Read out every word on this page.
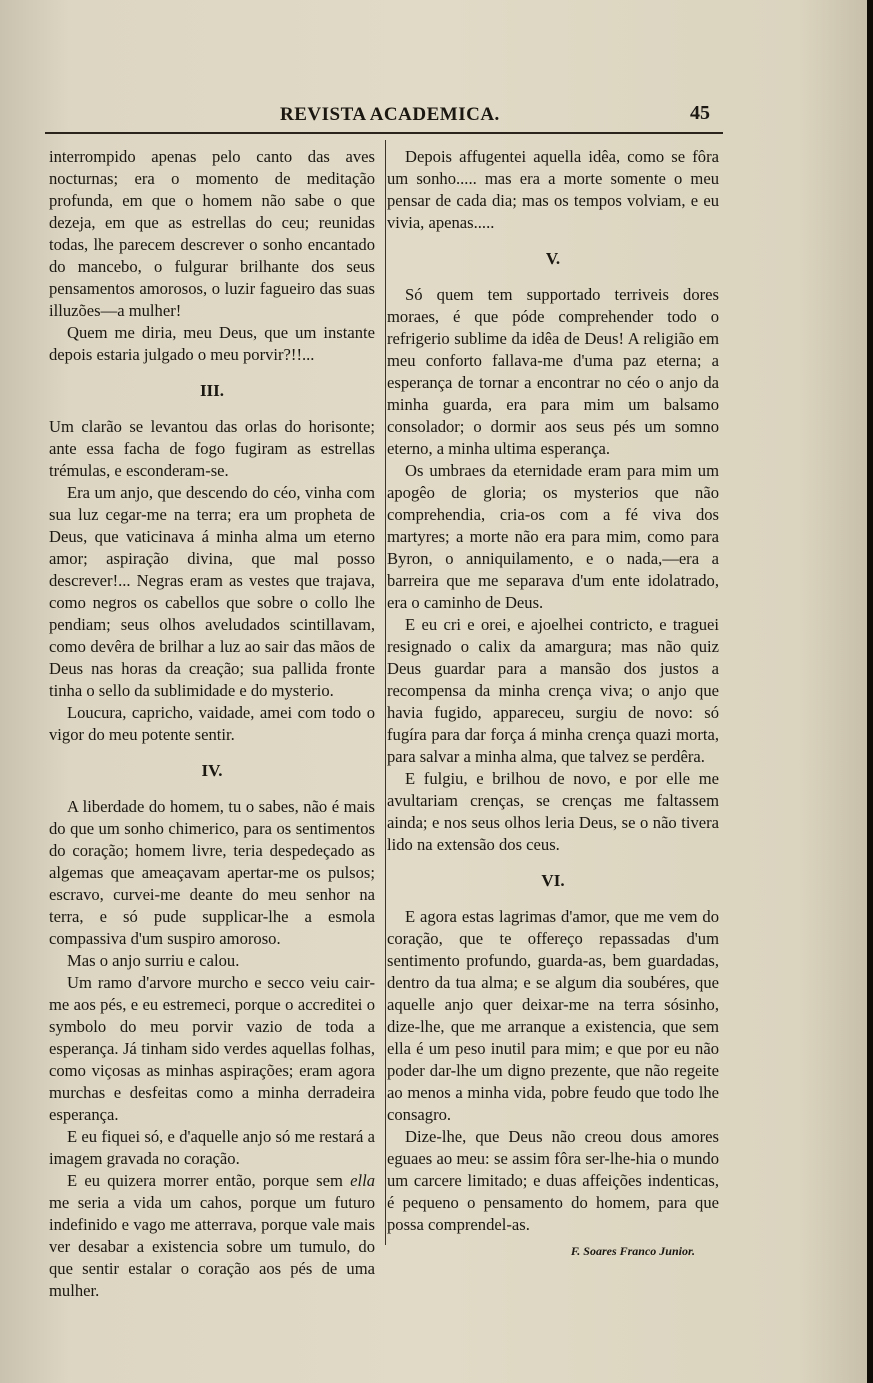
REVISTA ACADEMICA.	45

interrompido apenas pelo canto das aves nocturnas; era o momento de meditação profunda, em que o homem não sabe o que dezeja, em que as estrellas do ceu; reunidas todas, lhe parecem descrever o sonho encantado do mancebo, o fulgurar brilhante dos seus pensamentos amorosos, o luzir fagueiro das suas illuzões—a mulher!

Quem me diria, meu Deus, que um instante depois estaria julgado o meu porvir?!!...

III.

Um clarão se levantou das orlas do horisonte; ante essa facha de fogo fugiram as estrellas trémulas, e esconderam-se.

Era um anjo, que descendo do céo, vinha com sua luz cegar-me na terra; era um propheta de Deus, que vaticinava á minha alma um eterno amor; aspiração divina, que mal posso descrever!... Negras eram as vestes que trajava, como negros os cabellos que sobre o collo lhe pendiam; seus olhos aveludados scintillavam, como devêra de brilhar a luz ao sair das mãos de Deus nas horas da creação; sua pallida fronte tinha o sello da sublimidade e do mysterio.

Loucura, capricho, vaidade, amei com todo o vigor do meu potente sentir.

IV.

A liberdade do homem, tu o sabes, não é mais do que um sonho chimerico, para os sentimentos do coração; homem livre, teria despedeçado as algemas que ameaçavam apertar-me os pulsos; escravo, curvei-me deante do meu senhor na terra, e só pude supplicar-lhe a esmola compassiva d'um suspiro amoroso.

Mas o anjo surriu e calou.

Um ramo d'arvore murcho e secco veiu cair-me aos pés, e eu estremeci, porque o accreditei o symbolo do meu porvir vazio de toda a esperança. Já tinham sido verdes aquellas folhas, como viçosas as minhas aspirações; eram agora murchas e desfeitas como a minha derradeira esperança.

E eu fiquei só, e d'aquelle anjo só me restará a imagem gravada no coração.

E eu quizera morrer então, porque sem ella me seria a vida um cahos, porque um futuro indefinido e vago me atterrava, porque vale mais ver desabar a existencia sobre um tumulo, do que sentir estalar o coração aos pés de uma mulher.

Depois affugentei aquella idêa, como se fôra um sonho..... mas era a morte somente o meu pensar de cada dia; mas os tempos volviam, e eu vivia, apenas.....

V.

Só quem tem supportado terriveis dores moraes, é que póde comprehender todo o refrigerio sublime da idêa de Deus! A religião em meu conforto fallava-me d'uma paz eterna; a esperança de tornar a encontrar no céo o anjo da minha guarda, era para mim um balsamo consolador; o dormir aos seus pés um somno eterno, a minha ultima esperança.

Os umbraes da eternidade eram para mim um apogêo de gloria; os mysterios que não comprehendia, cria-os com a fé viva dos martyres; a morte não era para mim, como para Byron, o anniquilamento, e o nada,—era a barreira que me separava d'um ente idolatrado, era o caminho de Deus.

E eu cri e orei, e ajoelhei contricto, e traguei resignado o calix da amargura; mas não quiz Deus guardar para a mansão dos justos a recompensa da minha crença viva; o anjo que havia fugido, appareceu, surgiu de novo: só fugíra para dar força á minha crença quazi morta, para salvar a minha alma, que talvez se perdêra.

E fulgiu, e brilhou de novo, e por elle me avultariam crenças, se crenças me faltassem ainda; e nos seus olhos leria Deus, se o não tivera lido na extensão dos ceus.

VI.

E agora estas lagrimas d'amor, que me vem do coração, que te offereço repassadas d'um sentimento profundo, guarda-as, bem guardadas, dentro da tua alma; e se algum dia soubéres, que aquelle anjo quer deixar-me na terra sósinho, dize-lhe, que me arranque a existencia, que sem ella é um peso inutil para mim; e que por eu não poder dar-lhe um digno prezente, que não regeite ao menos a minha vida, pobre feudo que todo lhe consagro.

Dize-lhe, que Deus não creou dous amores eguaes ao meu: se assim fôra ser-lhe-hia o mundo um carcere limitado; e duas affeições indenticas, é pequeno o pensamento do homem, para que possa comprendel-as.

F. Soares Franco Junior.
